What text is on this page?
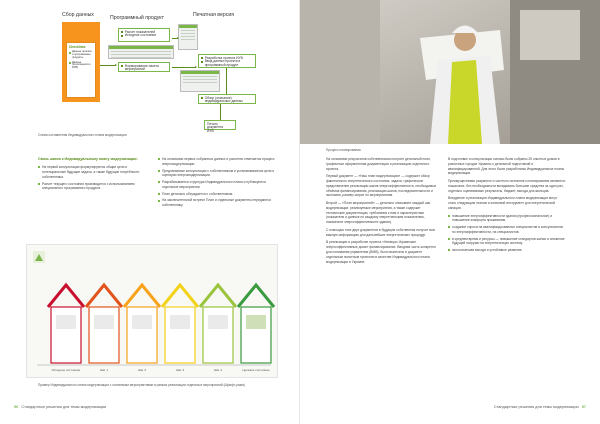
Сбор данных	Программный продукт	Печатная версия
Checklists
Данные проекта и программные продукты
Данные (относящиеся к ИУВ)
Расчет показателей
Исходное состояние
Формирование пакета мероприятий
Разработка проекта ИУВ
Ввод данных проекта в программный продукт
Обзор (описание) индивидуальных данных
Печать документа
ИУВ
Схема составления Индивидуального плана модернизации

Связь шагов к Индивидуальному плану модернизации:

На первой консультации формулируются общие цели и потенциальные будущие задачи, а также будущие потребности собственника.
Расчет текущего состояния производится с использованием специального программного продукта.
На основании первых собранных данных и расчетов отмечается процесс энергомодернизации.
Предлагаемые консультации с собственником и устанавливаются цели и сценарии энергомодернизации.
Разрабатывается структура Индивидуального плана и публикуются отдельные мероприятия.
План детально обсуждается с собственником.
На заключительной встрече План и отдельные документы передаются собственнику.
Исходное состояние	Шаг 1	Шаг 2	Шаг 3	Шаг 4	Целевое состояние
Пример Индивидуального плана модернизации с основными мероприятиями в рамках реализации отдельных мероприятий (Шрифт-рама)
96 Стандартные решения для темы модернизации
Процесс планирования

На основании результатов собственником получен детальный план, графически оформленная документация и реализацию отдельного проекта.

Первый документ — «Наш план модернизации» — содержит обзор фактического энергетического состояния, задачи, графическое представление реализации шагов энергоэффективности, необходимых объёмов финансирования, реализации шагов, последовательности и экономии, размер затрат по мероприятиям.

Второй — «План мероприятий» — детально описывает каждый шаг модернизации: реализуемые мероприятия, а также содержит технические документации, требования к ним и характеристики (показатели и данные по каждому энергетическим показателям, показатели энергоэффективности здания).

С помощью этих двух документов в будущем собственник получит всю важную информацию для дальнейших энергетических процедур.

В реализации и разработке проекта «Немецко-Украинские энергоэффективные дома» финансирование. Вводная часть конкретно для понимания управления (ВМВ), было вынесено в документ отдельным пилотным проектом в качестве Индивидуального плана модернизации в Украине.

В подготовке и консультации основы были собраны 25 опытных домов в различных городах Украины с детальной подготовкой и квалифицированной. Для этого были разработаны Индивидуальные планы модернизации.

Преимуществами разумного и частного поэтапного планирования являются: пошаговое, без необходимости вкладывать большие средства за один раз, отдельно оцениваемые результаты, бюджет, выгода для жильцов.

Внедрение и реализация Индивидуального плана модернизации могут стать следующим этапом и ключевой инструмент для энергетической санации.

повышение энергоэффективности здания (профессиональное) и повышение комфорта проживания.
создание спроса на квалифицированных специалистов и консультантов по энергоэффективности, на специалистов.
в среднем время и ресурсы — повышение стандартов жилья и снижение будущей нагрузки на энергетическую систему.
экологическая выгода и устойчивое развитие.
Стандартные решения для темы модернизации 97
